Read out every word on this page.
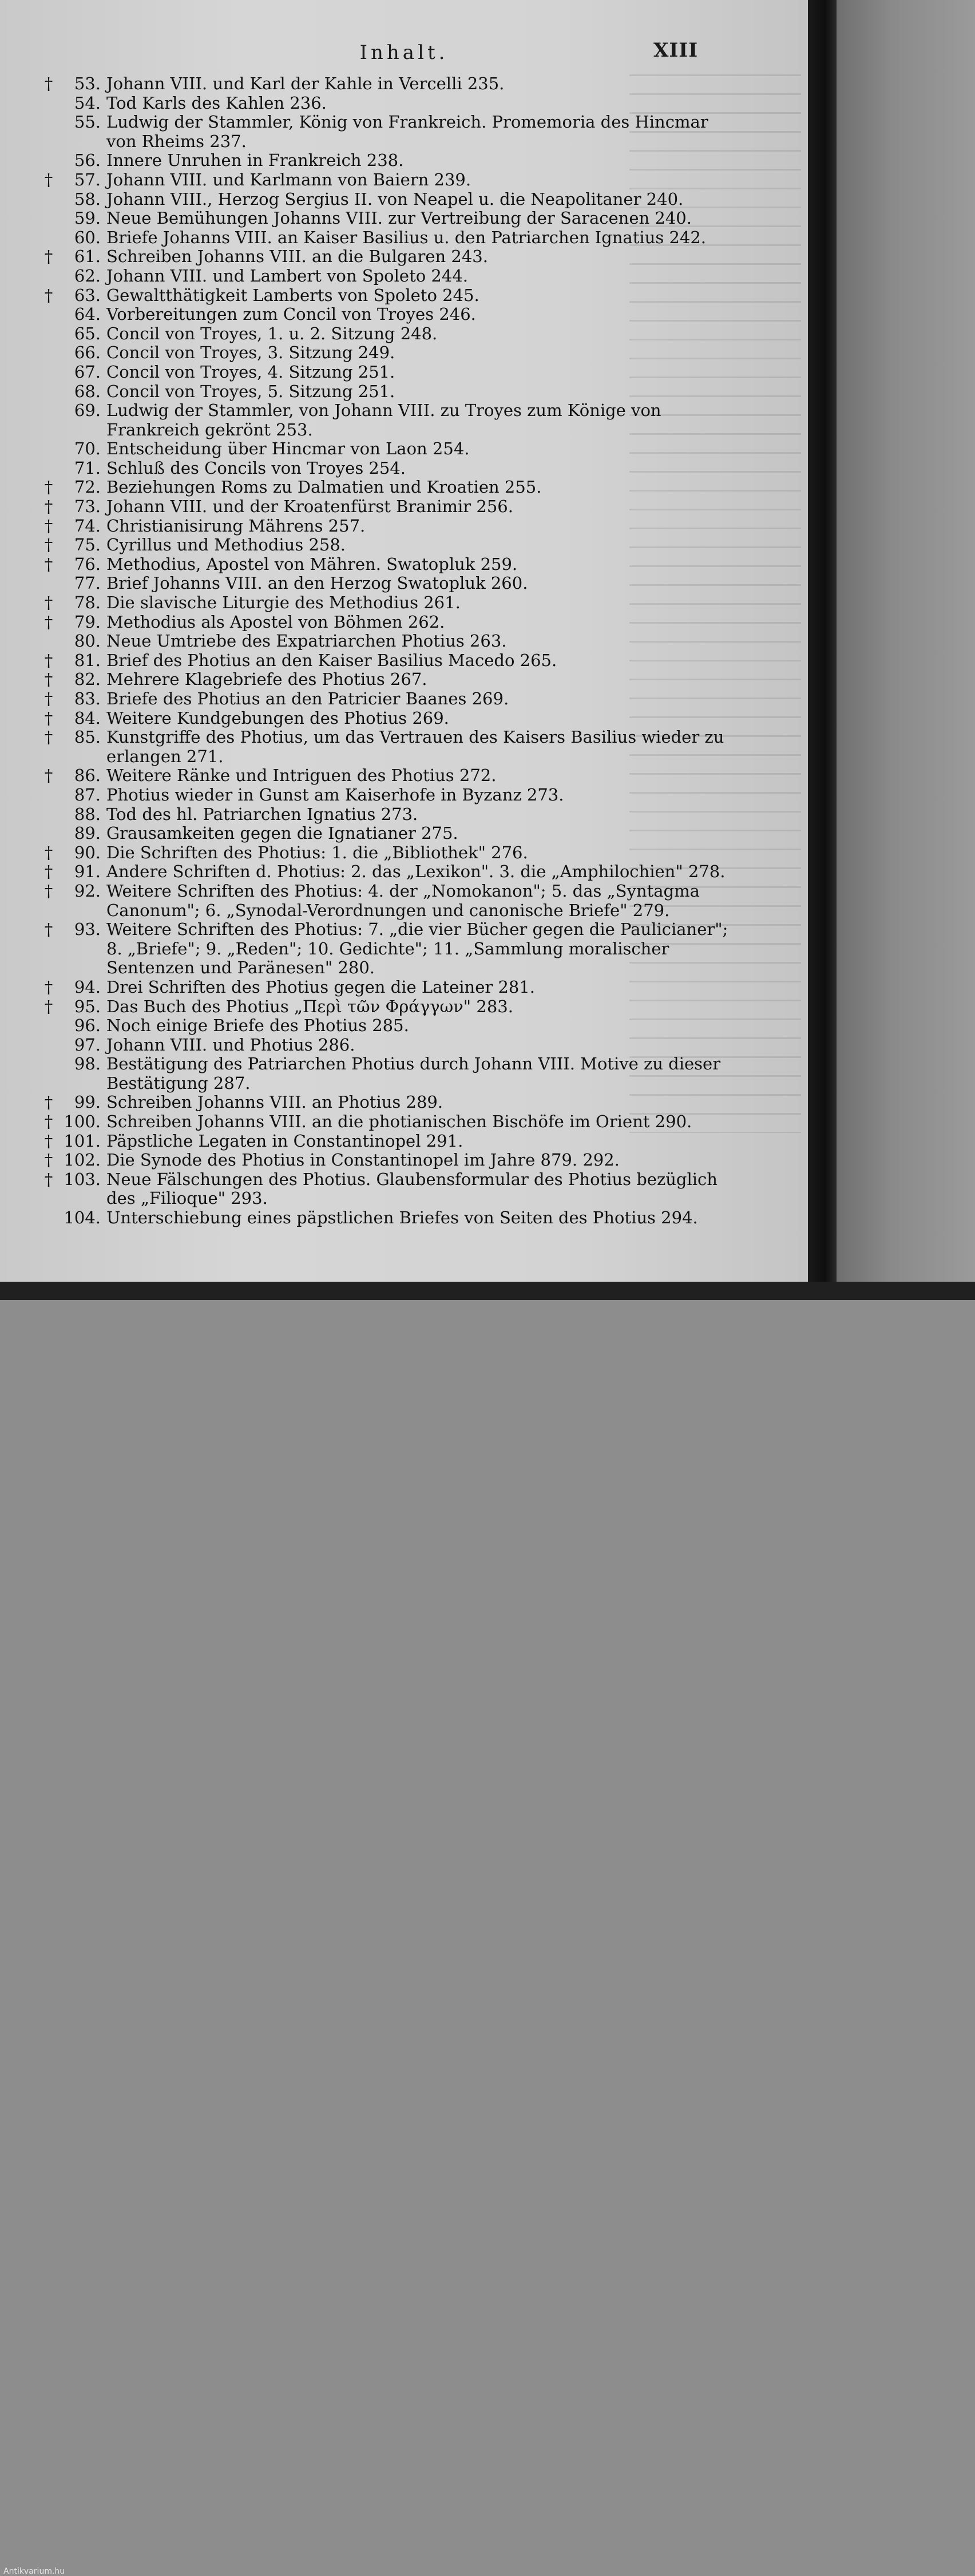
Inhalt.	XIII
†	53. Johann VIII. und Karl der Kahle in Vercelli 235.
54. Tod Karls des Kahlen 236.
55. Ludwig der Stammler, König von Frankreich. Promemoria des Hincmar
von Rheims 237.
56. Innere Unruhen in Frankreich 238.
†	57. Johann VIII. und Karlmann von Baiern 239.
58. Johann VIII., Herzog Sergius II. von Neapel u. die Neapolitaner 240.
59. Neue Bemühungen Johanns VIII. zur Vertreibung der Saracenen 240.
60. Briefe Johanns VIII. an Kaiser Basilius u. den Patriarchen Ignatius 242.
†	61. Schreiben Johanns VIII. an die Bulgaren 243.
62. Johann VIII. und Lambert von Spoleto 244.
†	63. Gewaltthätigkeit Lamberts von Spoleto 245.
64. Vorbereitungen zum Concil von Troyes 246.
65. Concil von Troyes, 1. u. 2. Sitzung 248.
66. Concil von Troyes, 3. Sitzung 249.
67. Concil von Troyes, 4. Sitzung 251.
68. Concil von Troyes, 5. Sitzung 251.
69. Ludwig der Stammler, von Johann VIII. zu Troyes zum Könige von
Frankreich gekrönt 253.
70. Entscheidung über Hincmar von Laon 254.
71. Schluß des Concils von Troyes 254.
†	72. Beziehungen Roms zu Dalmatien und Kroatien 255.
†	73. Johann VIII. und der Kroatenfürst Branimir 256.
†	74. Christianisirung Mährens 257.
†	75. Cyrillus und Methodius 258.
†	76. Methodius, Apostel von Mähren. Swatopluk 259.
77. Brief Johanns VIII. an den Herzog Swatopluk 260.
†	78. Die slavische Liturgie des Methodius 261.
†	79. Methodius als Apostel von Böhmen 262.
80. Neue Umtriebe des Expatriarchen Photius 263.
†	81. Brief des Photius an den Kaiser Basilius Macedo 265.
†	82. Mehrere Klagebriefe des Photius 267.
†	83. Briefe des Photius an den Patricier Baanes 269.
†	84. Weitere Kundgebungen des Photius 269.
†	85. Kunstgriffe des Photius, um das Vertrauen des Kaisers Basilius wieder zu
erlangen 271.
†	86. Weitere Ränke und Intriguen des Photius 272.
87. Photius wieder in Gunst am Kaiserhofe in Byzanz 273.
88. Tod des hl. Patriarchen Ignatius 273.
89. Grausamkeiten gegen die Ignatianer 275.
†	90. Die Schriften des Photius: 1. die „Bibliothek" 276.
†	91. Andere Schriften d. Photius: 2. das „Lexikon". 3. die „Amphilochien" 278.
†	92. Weitere Schriften des Photius: 4. der „Nomokanon"; 5. das „Syntagma
Canonum"; 6. „Synodal-Verordnungen und canonische Briefe" 279.
†	93. Weitere Schriften des Photius: 7. „die vier Bücher gegen die Paulicianer";
8. „Briefe"; 9. „Reden"; 10. Gedichte"; 11. „Sammlung moralischer
Sentenzen und Paränesen" 280.
†	94. Drei Schriften des Photius gegen die Lateiner 281.
†	95. Das Buch des Photius „Περὶ τῶν Φράγγων" 283.
96. Noch einige Briefe des Photius 285.
97. Johann VIII. und Photius 286.
98. Bestätigung des Patriarchen Photius durch Johann VIII. Motive zu dieser
Bestätigung 287.
†	99. Schreiben Johanns VIII. an Photius 289.
† 100. Schreiben Johanns VIII. an die photianischen Bischöfe im Orient 290.
† 101. Päpstliche Legaten in Constantinopel 291.
† 102. Die Synode des Photius in Constantinopel im Jahre 879. 292.
† 103. Neue Fälschungen des Photius. Glaubensformular des Photius bezüglich
des „Filioque" 293.
104. Unterschiebung eines päpstlichen Briefes von Seiten des Photius 294.
Antikvarium.hu
